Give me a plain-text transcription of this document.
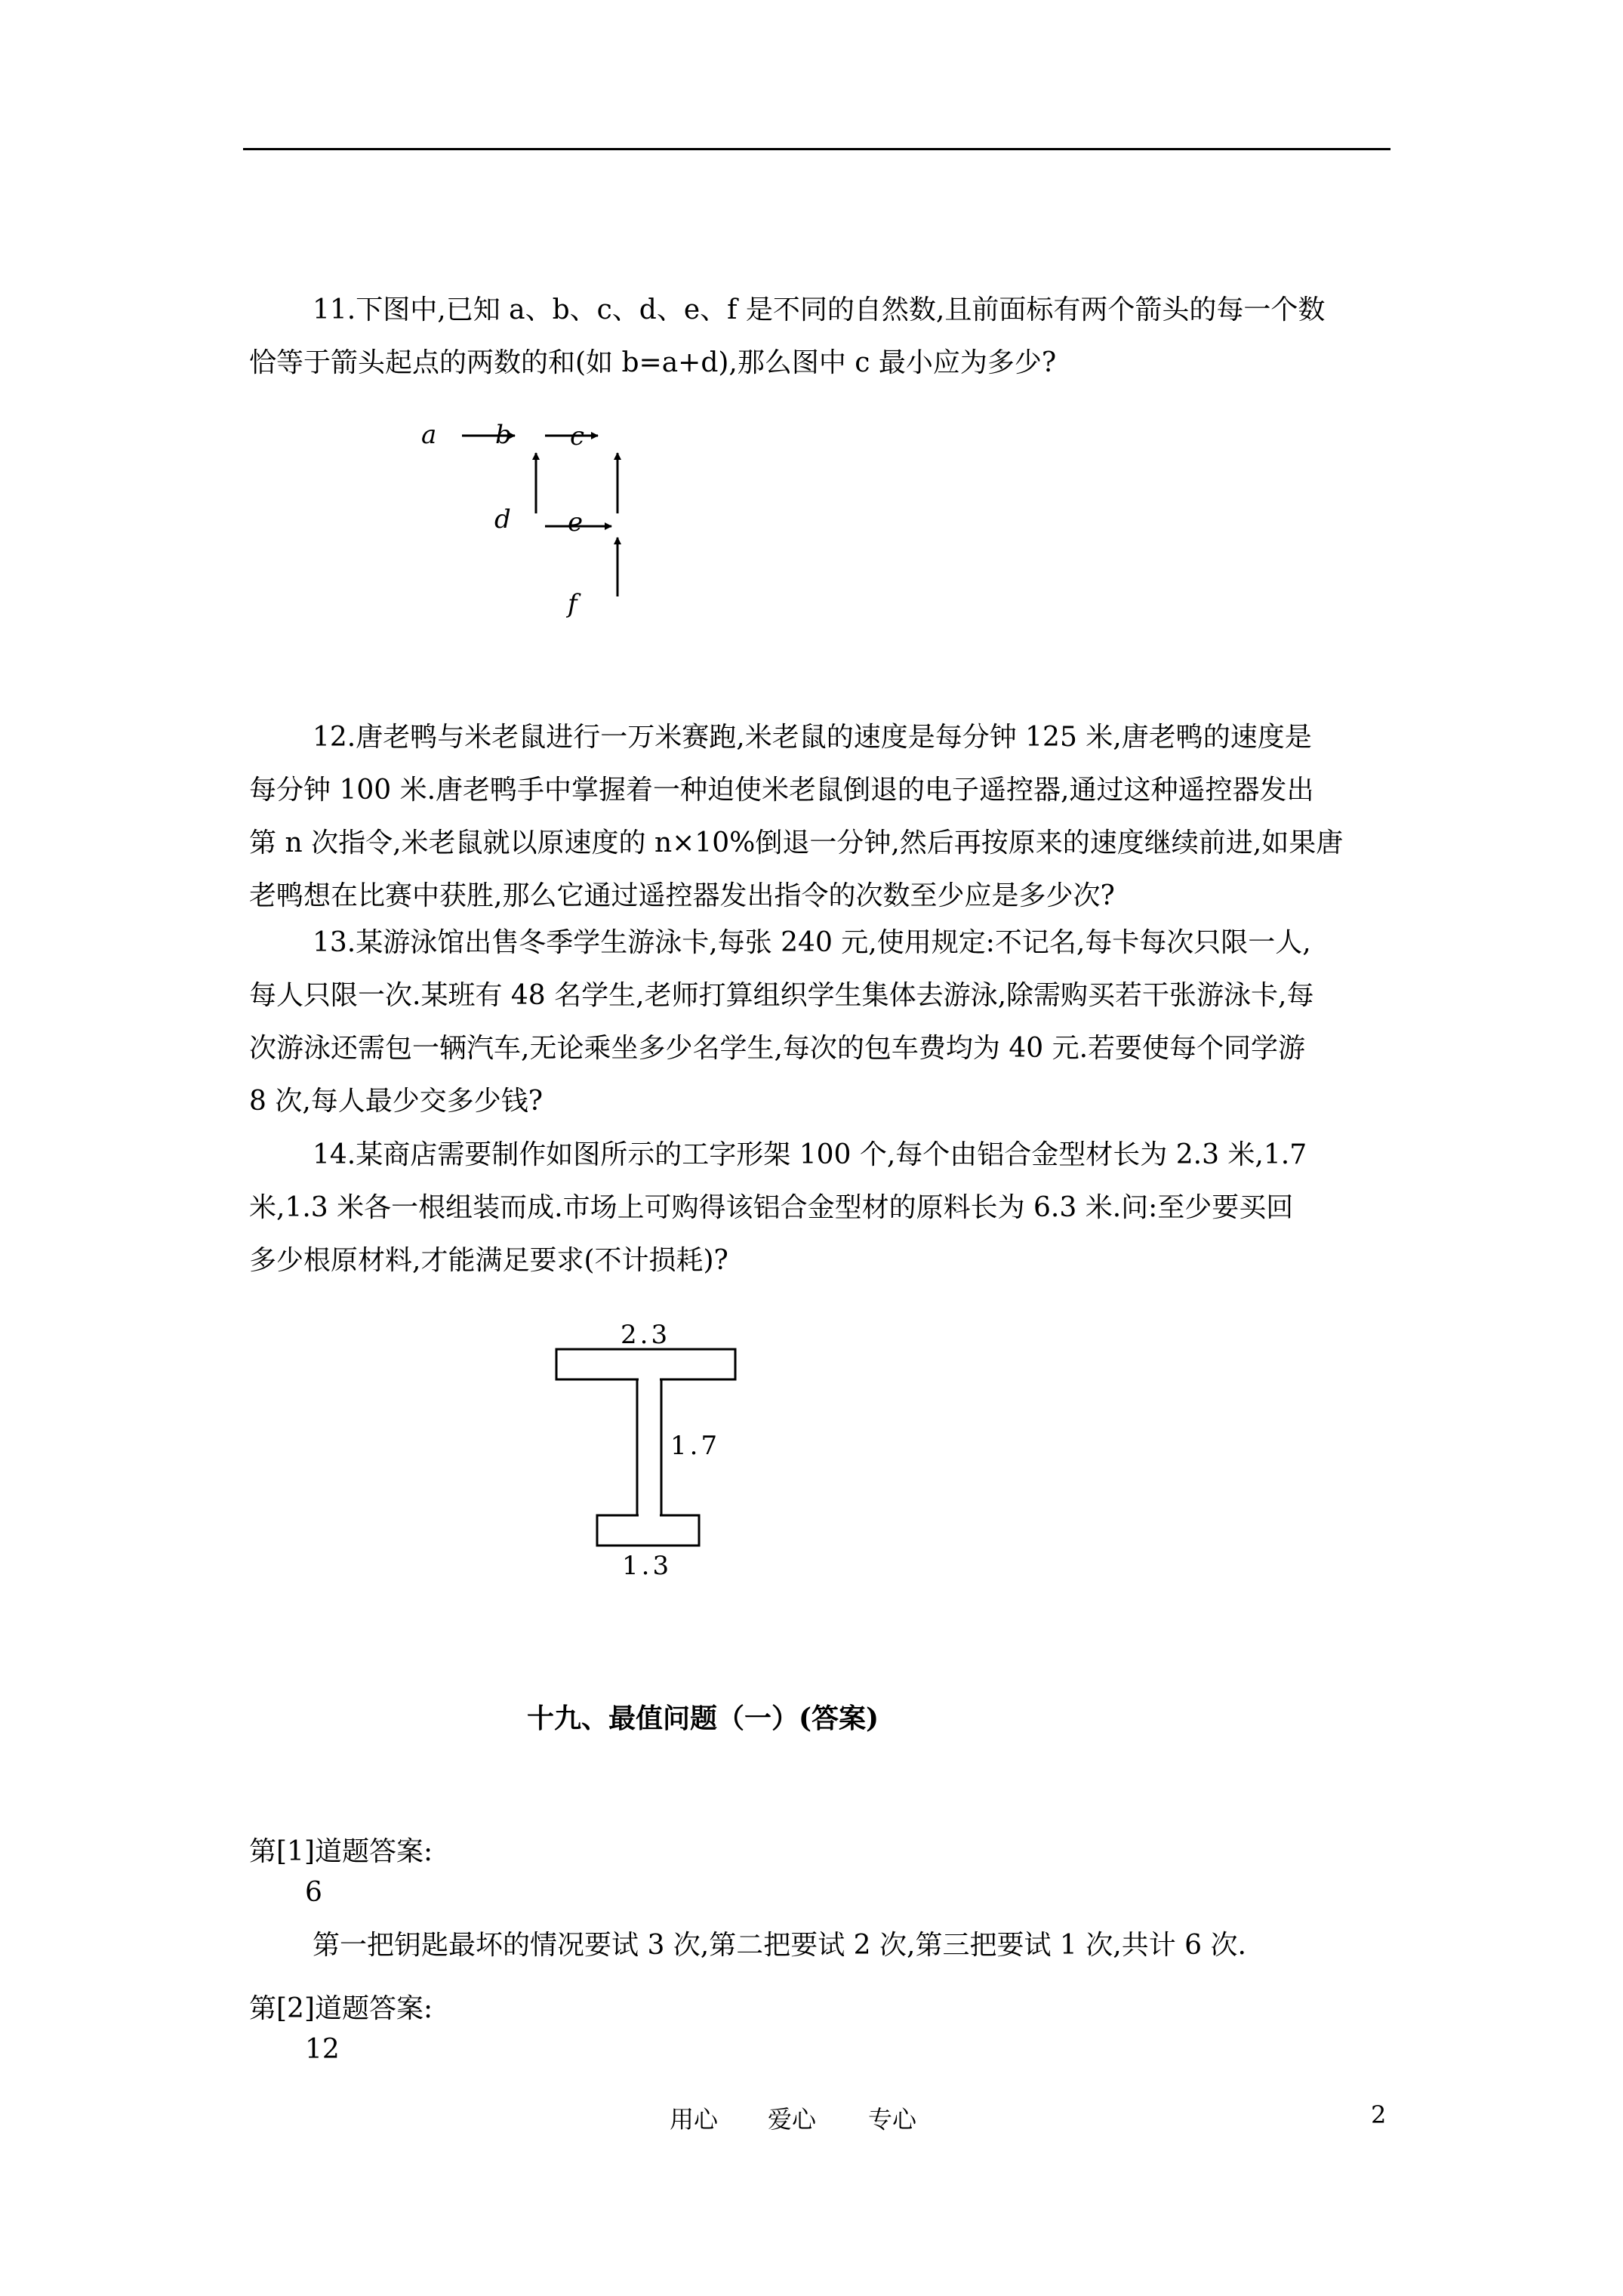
11.下图中,已知 a、b、c、d、e、f 是不同的自然数,且前面标有两个箭头的每一个数
恰等于箭头起点的两数的和(如 b=a+d),那么图中 c 最小应为多少?
a b c
d e
f
12.唐老鸭与米老鼠进行一万米赛跑,米老鼠的速度是每分钟 125 米,唐老鸭的速度是
每分钟 100 米.唐老鸭手中掌握着一种迫使米老鼠倒退的电子遥控器,通过这种遥控器发出
第 n 次指令,米老鼠就以原速度的 n×10%倒退一分钟,然后再按原来的速度继续前进,如果唐
老鸭想在比赛中获胜,那么它通过遥控器发出指令的次数至少应是多少次?
13.某游泳馆出售冬季学生游泳卡,每张 240 元,使用规定:不记名,每卡每次只限一人,
每人只限一次.某班有 48 名学生,老师打算组织学生集体去游泳,除需购买若干张游泳卡,每
次游泳还需包一辆汽车,无论乘坐多少名学生,每次的包车费均为 40 元.若要使每个同学游
8 次,每人最少交多少钱?
14.某商店需要制作如图所示的工字形架 100 个,每个由铝合金型材长为 2.3 米,1.7
米,1.3 米各一根组装而成.市场上可购得该铝合金型材的原料长为 6.3 米.问:至少要买回
多少根原材料,才能满足要求(不计损耗)?
2.3
1.7
1.3
十九、最值问题（一）(答案)
第[1]道题答案:
6
第一把钥匙最坏的情况要试 3 次,第二把要试 2 次,第三把要试 1 次,共计 6 次.
第[2]道题答案:
12
用心 爱心 专心	2
